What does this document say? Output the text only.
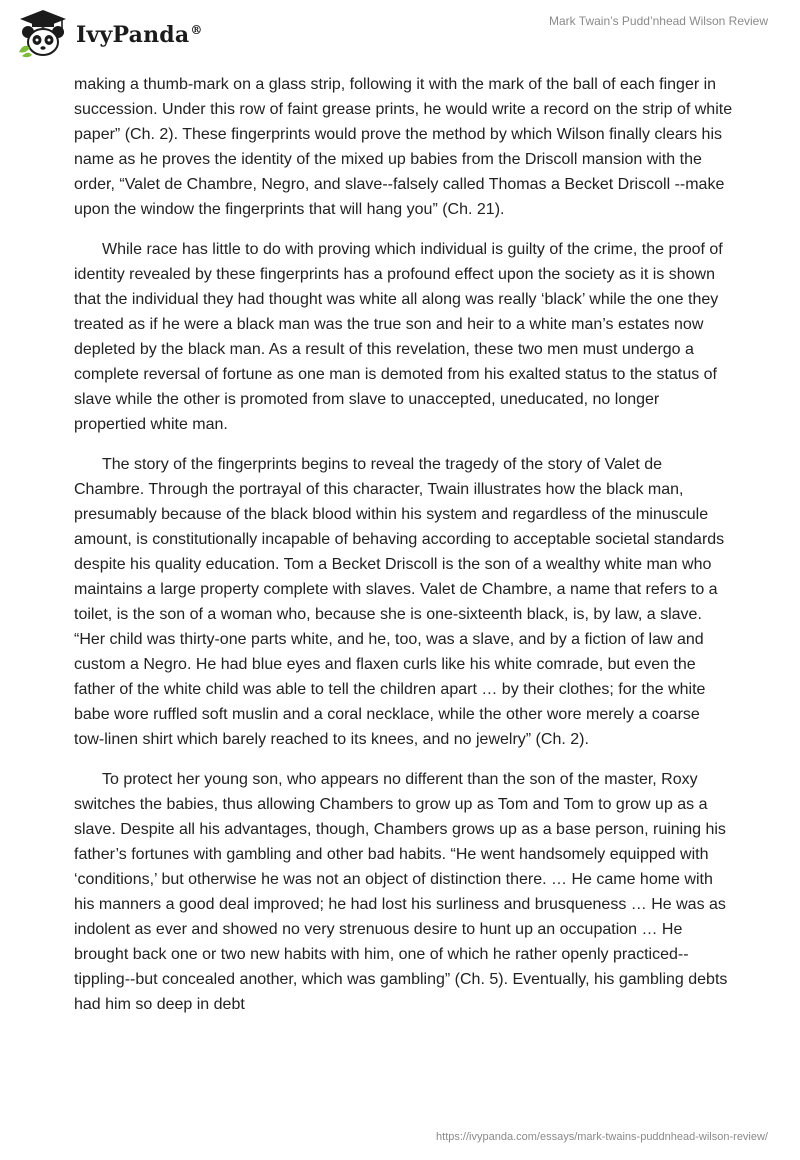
IvyPanda®
Mark Twain’s Pudd’nhead Wilson Review

making a thumb-mark on a glass strip, following it with the mark of the ball of each finger in succession. Under this row of faint grease prints, he would write a record on the strip of white paper” (Ch. 2). These fingerprints would prove the method by which Wilson finally clears his name as he proves the identity of the mixed up babies from the Driscoll mansion with the order, “Valet de Chambre, Negro, and slave--falsely called Thomas a Becket Driscoll --make upon the window the fingerprints that will hang you” (Ch. 21).

While race has little to do with proving which individual is guilty of the crime, the proof of identity revealed by these fingerprints has a profound effect upon the society as it is shown that the individual they had thought was white all along was really ‘black’ while the one they treated as if he were a black man was the true son and heir to a white man’s estates now depleted by the black man. As a result of this revelation, these two men must undergo a complete reversal of fortune as one man is demoted from his exalted status to the status of slave while the other is promoted from slave to unaccepted, uneducated, no longer propertied white man.

The story of the fingerprints begins to reveal the tragedy of the story of Valet de Chambre. Through the portrayal of this character, Twain illustrates how the black man, presumably because of the black blood within his system and regardless of the minuscule amount, is constitutionally incapable of behaving according to acceptable societal standards despite his quality education. Tom a Becket Driscoll is the son of a wealthy white man who maintains a large property complete with slaves. Valet de Chambre, a name that refers to a toilet, is the son of a woman who, because she is one-sixteenth black, is, by law, a slave. “Her child was thirty-one parts white, and he, too, was a slave, and by a fiction of law and custom a Negro. He had blue eyes and flaxen curls like his white comrade, but even the father of the white child was able to tell the children apart … by their clothes; for the white babe wore ruffled soft muslin and a coral necklace, while the other wore merely a coarse tow-linen shirt which barely reached to its knees, and no jewelry” (Ch. 2).

To protect her young son, who appears no different than the son of the master, Roxy switches the babies, thus allowing Chambers to grow up as Tom and Tom to grow up as a slave. Despite all his advantages, though, Chambers grows up as a base person, ruining his father’s fortunes with gambling and other bad habits. “He went handsomely equipped with ‘conditions,’ but otherwise he was not an object of distinction there. … He came home with his manners a good deal improved; he had lost his surliness and brusqueness … He was as indolent as ever and showed no very strenuous desire to hunt up an occupation … He brought back one or two new habits with him, one of which he rather openly practiced--tippling--but concealed another, which was gambling” (Ch. 5). Eventually, his gambling debts had him so deep in debt

https://ivypanda.com/essays/mark-twains-puddnhead-wilson-review/
